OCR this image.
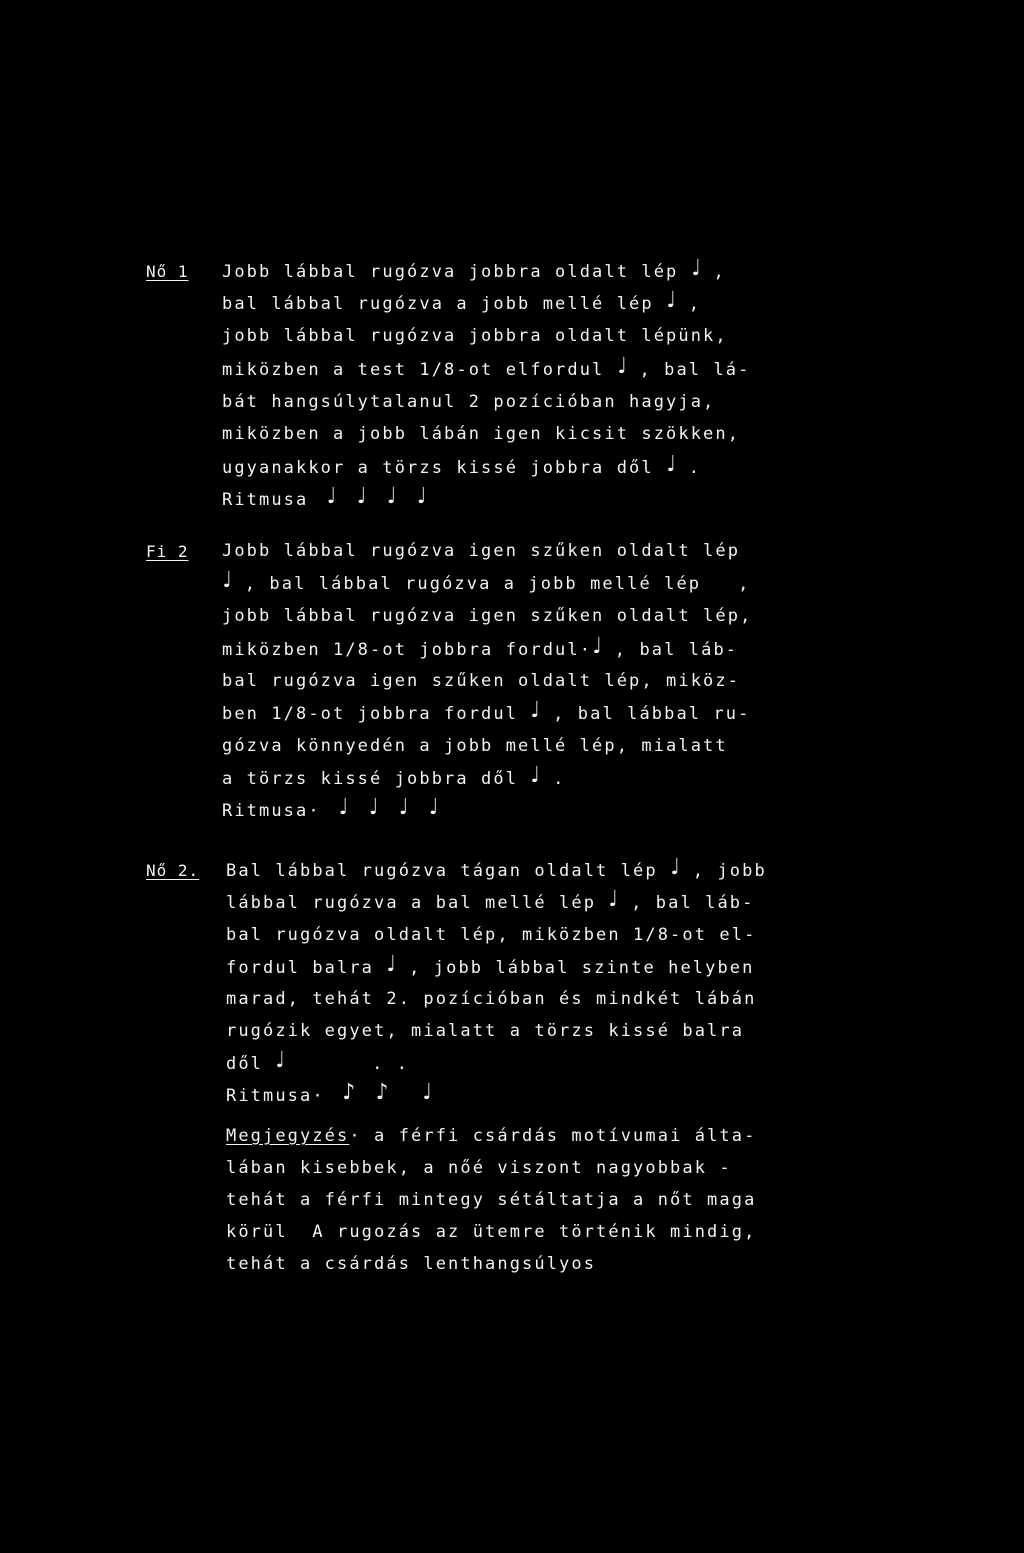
Nő 1 Jobb lábbal rugózva jobbra oldalt lép ♩ ,
bal lábbal rugózva a jobb mellé lép ♩ ,
jobb lábbal rugózva jobbra oldalt lépünk,
miközben a test 1/8-ot elfordul ♩ , bal lá-
bát hangsúlytalanul 2 pozícióban hagyja,
miközben a jobb lábán igen kicsit szökken,
ugyanakkor a törzs kissé jobbra dől ♩ .
Ritmusa ♩ ♩ ♩ ♩
Fi 2 Jobb lábbal rugózva igen szűken oldalt lép
♩ , bal lábbal rugózva a jobb mellé lép   ,
jobb lábbal rugózva igen szűken oldalt lép,
miközben 1/8-ot jobbra fordul·♩ , bal láb-
bal rugózva igen szűken oldalt lép, miköz-
ben 1/8-ot jobbra fordul ♩ , bal lábbal ru-
gózva könnyedén a jobb mellé lép, mialatt
a törzs kissé jobbra dől ♩ .
Ritmusa· ♩ ♩ ♩ ♩
Nő 2. Bal lábbal rugózva tágan oldalt lép ♩ , jobb
lábbal rugózva a bal mellé lép ♩ , bal láb-
bal rugózva oldalt lép, miközben 1/8-ot el-
fordul balra ♩ , jobb lábbal szinte helyben
marad, tehát 2. pozícióban és mindkét lábán
rugózik egyet, mialatt a törzs kissé balra
dől ♩       . .
Ritmusa· ♪ ♪  ♩
Megjegyzés· a férfi csárdás motívumai álta-
lában kisebbek, a nőé viszont nagyobbak -
tehát a férfi mintegy sétáltatja a nőt maga
körül  A rugozás az ütemre történik mindig,
tehát a csárdás lenthangsúlyos
